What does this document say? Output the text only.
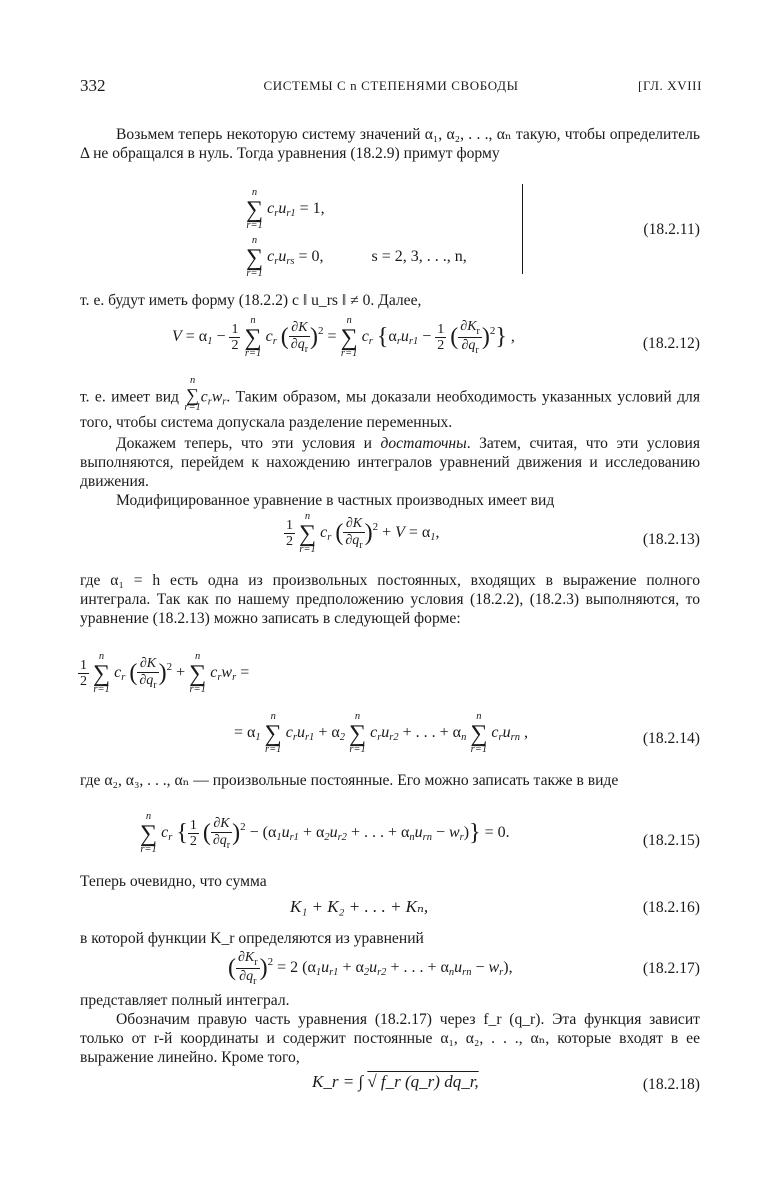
332	СИСТЕМЫ С n СТЕПЕНЯМИ СВОБОДЫ	[ГЛ. XVIII
Возьмем теперь некоторую систему значений α₁, α₂, . . ., αₙ такую, чтобы определитель Δ не обращался в нуль. Тогда уравнения (18.2.9) примут форму
n
∑
r=1
$c_ru_{r1} = 1$,
n
∑
r=1
$c_ru_{rs} = 0$,	s = 2, 3, . . ., n,
(18.2.11)
т. е. будут иметь форму (18.2.2) с ‖ u_rs ‖ ≠ 0. Далее,
$V = \alpha_1 - \frac{1}{2}$

n
∑
r=1
$c_r$ ( $\frac{\partial K}{\partial q_r} )^2$ =
n
∑
r=1
$c_r$ {$\alpha_ru_{r1} - \frac{1}{2}$ ( $\frac{\partial K_r}{\partial q_r} )^2$} ,	(18.2.12)
т. е. имеет вид
n
∑
r=1
$c_rw_r$. Таким образом, мы доказали необходимость указанных условий для того, чтобы система допускала разделение переменных.
Докажем теперь, что эти условия и достаточны. Затем, считая, что эти условия выполняются, перейдем к нахождению интегралов уравнений движения и исследованию движения.
Модифицированное уравнение в частных производных имеет вид
$\frac{1}{2}$

n
∑
r=1
$c_r$ ( $\frac{\partial K}{\partial q_r} )^2 + V = \alpha_1$,	(18.2.13)
где α₁ = h есть одна из произвольных постоянных, входящих в выражение полного интеграла. Так как по нашему предположению условия (18.2.2), (18.2.3) выполняются, то уравнение (18.2.13) можно записать в следующей форме:
$\frac{1}{2}$

n
∑
r=1
$c_r$ ( $\frac{\partial K}{\partial q_r} )^2$ +
n
∑
r=1
$c_rw_r$ =
= $\alpha_1$
n
∑
r=1
$c_ru_{r1} + \alpha_2$
n
∑
r=1
$c_ru_{r2}$ + . . . + $\alpha_n$
n
∑
r=1
$c_ru_{rn}$ ,	(18.2.14)
где α₂, α₃, . . ., αₙ — произвольные постоянные. Его можно записать также в виде
n
∑
r=1
$c_r$ { $\frac{1}{2}$ ( $\frac{\partial K}{\partial q_r} )^2 - (\alpha_1u_{r1} + \alpha_2u_{r2}$ + . . . + $\alpha_nu_{rn} - w_r)\} = 0$.	(18.2.15)
Теперь очевидно, что сумма
K₁ + K₂ + . . . + Kₙ,	(18.2.16)
в которой функции K_r определяются из уравнений
( $\frac{\partial K_r}{\partial q_r} )^2 = 2$ ($\alpha_1u_{r1} + \alpha_2u_{r2}$ + . . . + $\alpha_nu_{rn} - w_r$),	(18.2.17)
представляет полный интеграл.
Обозначим правую часть уравнения (18.2.17) через f_r (q_r). Эта функция зависит только от r-й координаты и содержит постоянные α₁, α₂, . . ., αₙ, которые входят в ее выражение линейно. Кроме того,
K_r = ∫ √ f_r (q_r) dq_r,	(18.2.18)
